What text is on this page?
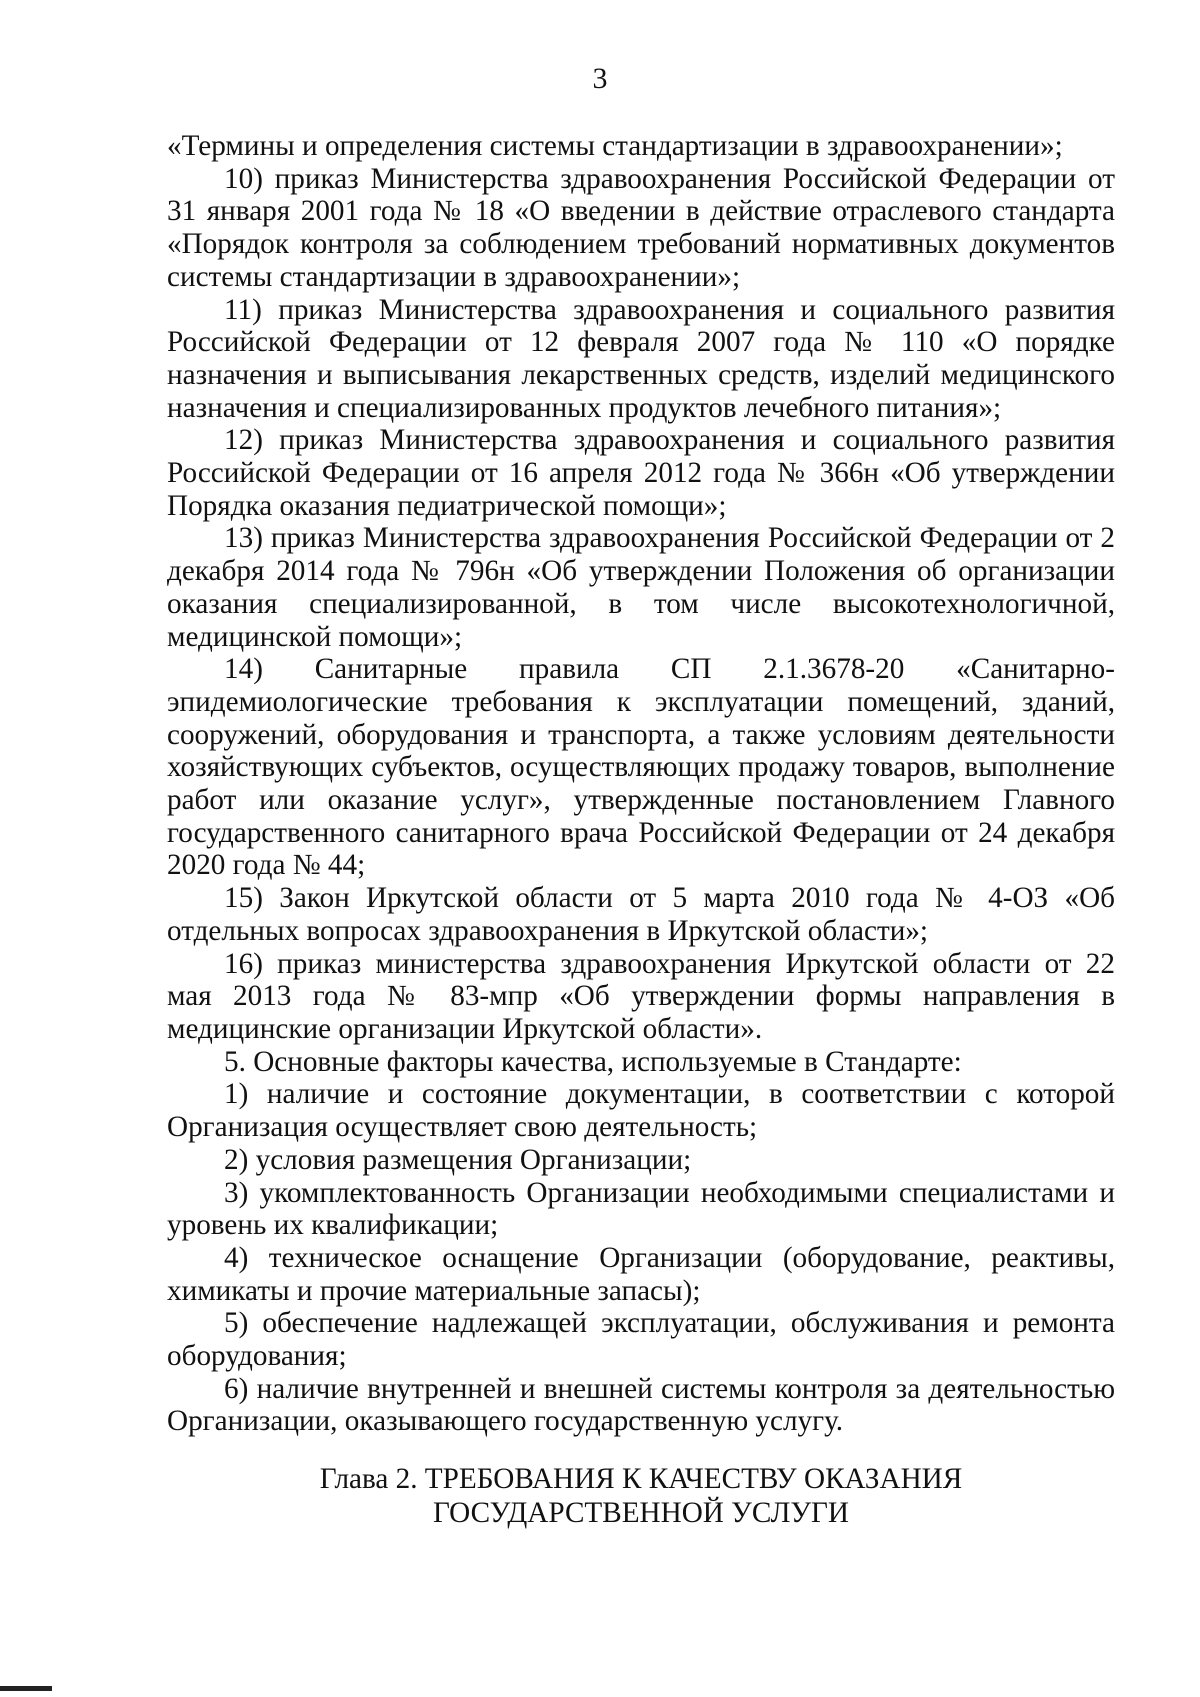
3

«Термины и определения системы стандартизации в здравоохранении»;

10) приказ Министерства здравоохранения Российской Федерации от 31 января 2001 года № 18 «О введении в действие отраслевого стандарта «Порядок контроля за соблюдением требований нормативных документов системы стандартизации в здравоохранении»;

11) приказ Министерства здравоохранения и социального развития Российской Федерации от 12 февраля 2007 года № 110 «О порядке назначения и выписывания лекарственных средств, изделий медицинского назначения и специализированных продуктов лечебного питания»;

12) приказ Министерства здравоохранения и социального развития Российской Федерации от 16 апреля 2012 года № 366н «Об утверждении Порядка оказания педиатрической помощи»;

13) приказ Министерства здравоохранения Российской Федерации от 2 декабря 2014 года № 796н «Об утверждении Положения об организации оказания специализированной, в том числе высокотехнологичной, медицинской помощи»;

14) Санитарные правила СП 2.1.3678-20 «Санитарно-эпидемиологические требования к эксплуатации помещений, зданий, сооружений, оборудования и транспорта, а также условиям деятельности хозяйствующих субъектов, осуществляющих продажу товаров, выполнение работ или оказание услуг», утвержденные постановлением Главного государственного санитарного врача Российской Федерации от 24 декабря 2020 года № 44;

15) Закон Иркутской области от 5 марта 2010 года № 4-ОЗ «Об отдельных вопросах здравоохранения в Иркутской области»;

16) приказ министерства здравоохранения Иркутской области от 22 мая 2013 года № 83-мпр «Об утверждении формы направления в медицинские организации Иркутской области».

5. Основные факторы качества, используемые в Стандарте:

1) наличие и состояние документации, в соответствии с которой Организация осуществляет свою деятельность;

2) условия размещения Организации;

3) укомплектованность Организации необходимыми специалистами и уровень их квалификации;

4) техническое оснащение Организации (оборудование, реактивы, химикаты и прочие материальные запасы);

5) обеспечение надлежащей эксплуатации, обслуживания и ремонта оборудования;

6) наличие внутренней и внешней системы контроля за деятельностью Организации, оказывающего государственную услугу.

Глава 2. ТРЕБОВАНИЯ К КАЧЕСТВУ ОКАЗАНИЯ
ГОСУДАРСТВЕННОЙ УСЛУГИ
